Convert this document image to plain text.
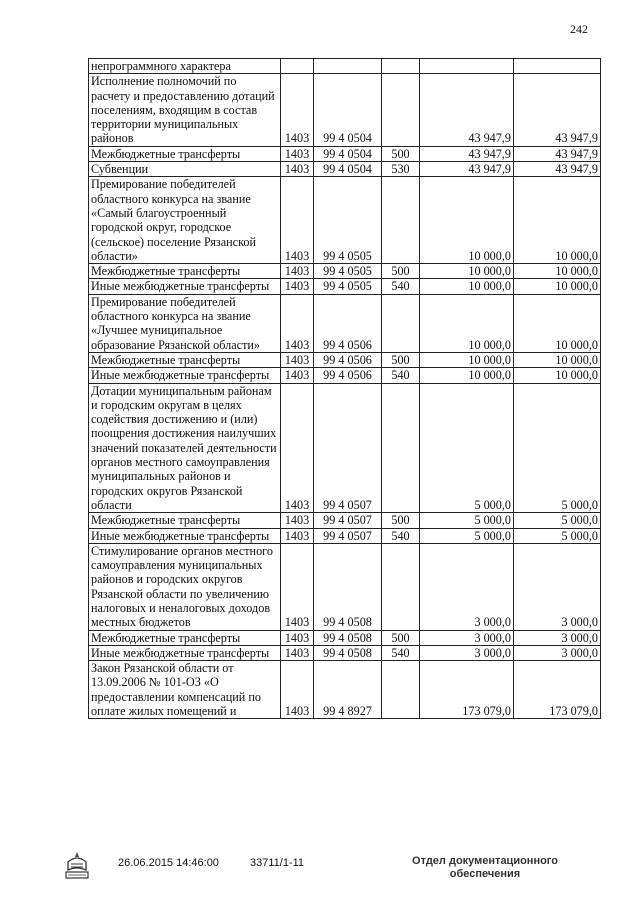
242
непрограммного характера					
Исполнение полномочий по расчету и предоставлению дотаций поселениям, входящим в состав территории муниципальных районов	1403	99 4 0504		43 947,9	43 947,9
Межбюджетные трансферты	1403	99 4 0504	500	43 947,9	43 947,9
Субвенции	1403	99 4 0504	530	43 947,9	43 947,9
Премирование победителей областного конкурса на звание «Самый благоустроенный городской округ, городское (сельское) поселение Рязанской области»	1403	99 4 0505		10 000,0	10 000,0
Межбюджетные трансферты	1403	99 4 0505	500	10 000,0	10 000,0
Иные межбюджетные трансферты	1403	99 4 0505	540	10 000,0	10 000,0
Премирование победителей областного конкурса на звание «Лучшее муниципальное образование Рязанской области»	1403	99 4 0506		10 000,0	10 000,0
Межбюджетные трансферты	1403	99 4 0506	500	10 000,0	10 000,0
Иные межбюджетные трансферты	1403	99 4 0506	540	10 000,0	10 000,0
Дотации муниципальным районам и городским округам в целях содействия достижению и (или) поощрения достижения наилучших значений показателей деятельности органов местного самоуправления муниципальных районов и городских округов Рязанской области	1403	99 4 0507		5 000,0	5 000,0
Межбюджетные трансферты	1403	99 4 0507	500	5 000,0	5 000,0
Иные межбюджетные трансферты	1403	99 4 0507	540	5 000,0	5 000,0
Стимулирование органов местного самоуправления муниципальных районов и городских округов Рязанской области по увеличению налоговых и неналоговых доходов местных бюджетов	1403	99 4 0508		3 000,0	3 000,0
Межбюджетные трансферты	1403	99 4 0508	500	3 000,0	3 000,0
Иные межбюджетные трансферты	1403	99 4 0508	540	3 000,0	3 000,0
Закон Рязанской области от 13.09.2006 № 101-ОЗ «О предоставлении компенсаций по оплате жилых помещений и	1403	99 4 8927		173 079,0	173 079,0
26.06.2015 14:46:00	33711/1-11	Отдел документационного
обеспечения
